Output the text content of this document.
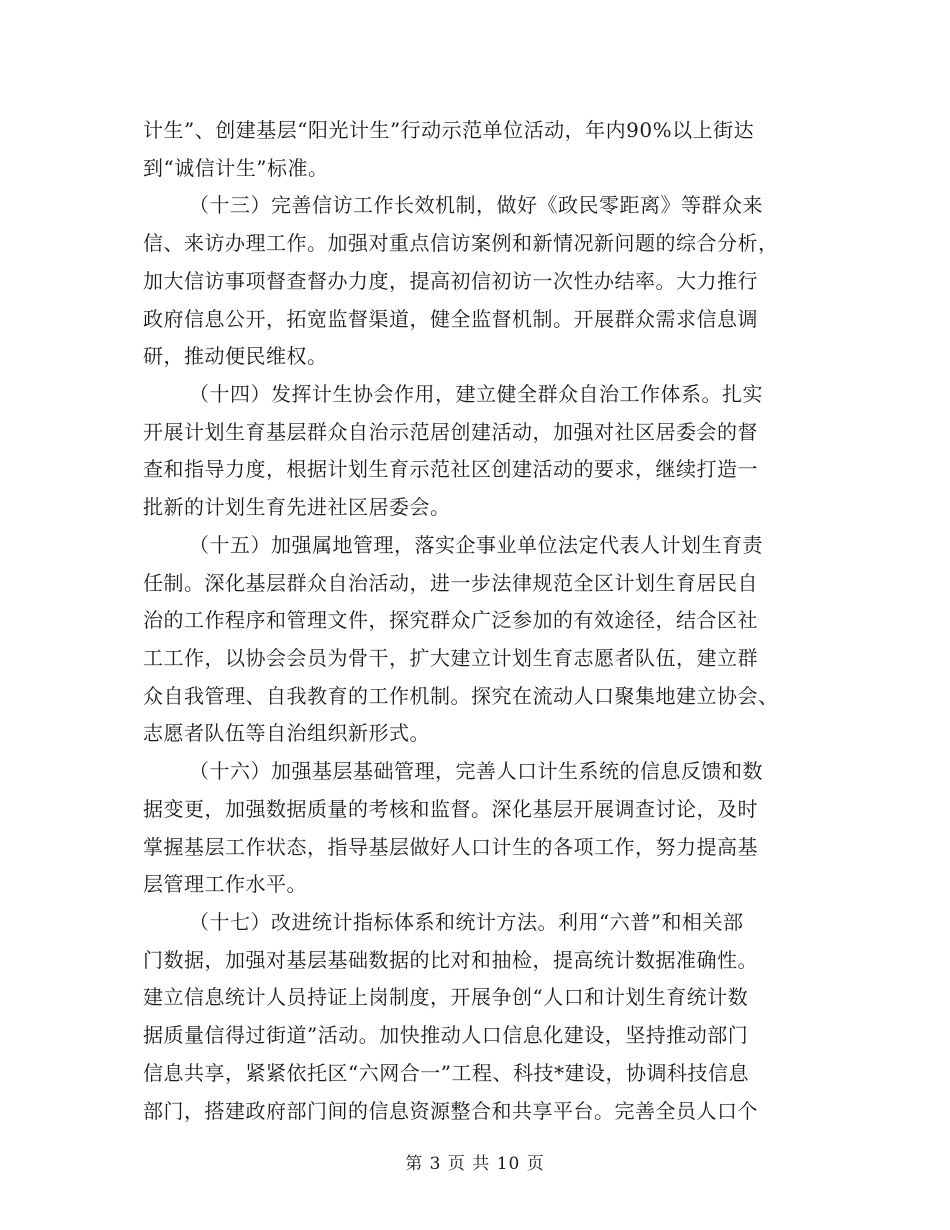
计生”、创建基层“阳光计生”行动示范单位活动，年内90%以上街达
到“诚信计生”标准。
（十三）完善信访工作长效机制，做好《政民零距离》等群众来
信、来访办理工作。加强对重点信访案例和新情况新问题的综合分析，
加大信访事项督查督办力度，提高初信初访一次性办结率。大力推行
政府信息公开，拓宽监督渠道，健全监督机制。开展群众需求信息调
研，推动便民维权。
（十四）发挥计生协会作用，建立健全群众自治工作体系。扎实
开展计划生育基层群众自治示范居创建活动，加强对社区居委会的督
查和指导力度，根据计划生育示范社区创建活动的要求，继续打造一
批新的计划生育先进社区居委会。
（十五）加强属地管理，落实企事业单位法定代表人计划生育责
任制。深化基层群众自治活动，进一步法律规范全区计划生育居民自
治的工作程序和管理文件，探究群众广泛参加的有效途径，结合区社
工工作，以协会会员为骨干，扩大建立计划生育志愿者队伍，建立群
众自我管理、自我教育的工作机制。探究在流动人口聚集地建立协会、
志愿者队伍等自治组织新形式。
（十六）加强基层基础管理，完善人口计生系统的信息反馈和数
据变更，加强数据质量的考核和监督。深化基层开展调查讨论，及时
掌握基层工作状态，指导基层做好人口计生的各项工作，努力提高基
层管理工作水平。
（十七）改进统计指标体系和统计方法。利用“六普”和相关部
门数据，加强对基层基础数据的比对和抽检，提高统计数据准确性。
建立信息统计人员持证上岗制度，开展争创“人口和计划生育统计数
据质量信得过街道”活动。加快推动人口信息化建设，坚持推动部门
信息共享，紧紧依托区“六网合一”工程、科技*建设，协调科技信息
部门，搭建政府部门间的信息资源整合和共享平台。完善全员人口个
第 3 页 共 10 页
